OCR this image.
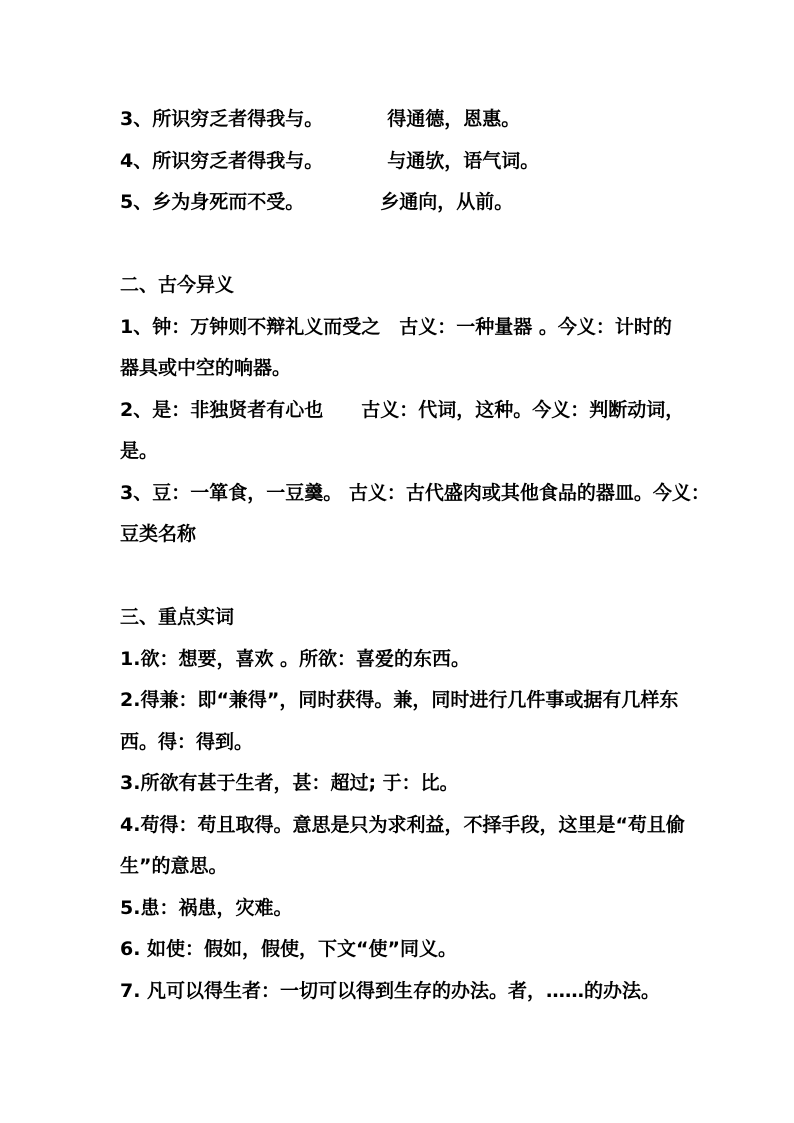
3、所识穷乏者得我与。	得通德，恩惠。
4、所识穷乏者得我与。	与通欤，语气词。
5、乡为身死而不受。	乡通向，从前。
二、古今异义
1、钟：万钟则不辩礼义而受之　古义：一种量器 。今义：计时的
器具或中空的响器。
2、是：非独贤者有心也　　古义：代词，这种。今义：判断动词，
是。
3、豆：一箪食，一豆羹。 古义：古代盛肉或其他食品的器皿。今义：
豆类名称
三、重点实词
1.欲：想要，喜欢 。所欲：喜爱的东西。
2.得兼：即“兼得”，同时获得。兼，同时进行几件事或据有几样东
西。得：得到。
3.所欲有甚于生者，甚：超过; 于：比。
4.苟得：苟且取得。意思是只为求利益，不择手段，这里是“苟且偷
生”的意思。
5.患：祸患，灾难。
6. 如使：假如，假使，下文“使”同义。
7. 凡可以得生者：一切可以得到生存的办法。者，……的办法。
